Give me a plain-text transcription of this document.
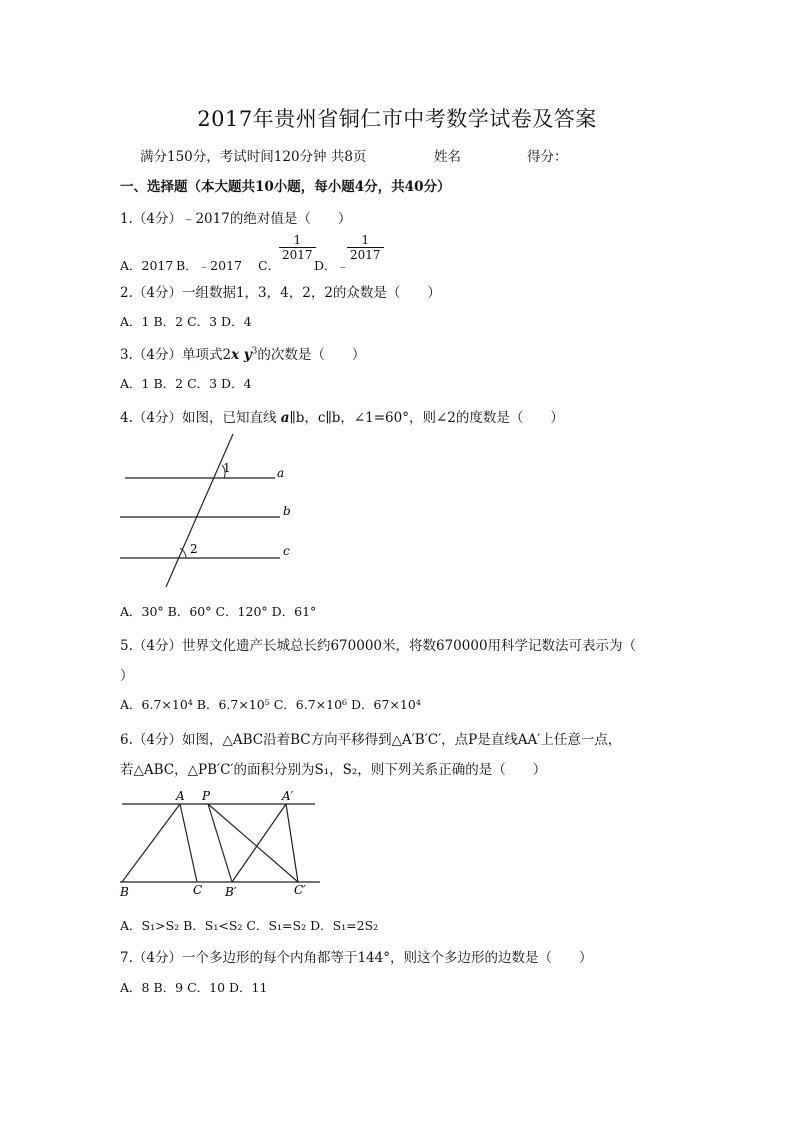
2017年贵州省铜仁市中考数学试卷及答案
满分150分，考试时间120分钟 共8页	姓名	得分：
一、选择题（本大题共10小题，每小题4分，共40分）
1.（4分）﹣2017的绝对值是（　　）
A．2017 B．﹣2017 C．
$\frac{1}{2017}$
D．﹣
$\frac{1}{2017}$
2.（4分）一组数据1，3，4，2，2的众数是（　　）
A．1 B．2 C．3 D．4
3.（4分）单项式2x $y^3$的次数是（　　）
A．1 B．2 C．3 D．4
4.（4分）如图，已知直线 a∥b，c∥b，∠1=60°，则∠2的度数是（　　）
1
2
a
b
c
A．30° B．60° C．120° D．61°
5.（4分）世界文化遗产长城总长约670000米，将数670000用科学记数法可表示为（
）
A．6.7×10⁴ B．6.7×10⁵ C．6.7×10⁶ D．67×10⁴
6.（4分）如图，△ABC沿着BC方向平移得到△A′B′C′，点P是直线AA′上任意一点，
若△ABC，△PB′C′的面积分别为S₁，S₂，则下列关系正确的是（　　）
A P	A′
B	C B′	C′
A．S₁>S₂ B．S₁<S₂ C．S₁=S₂ D．S₁=2S₂
7.（4分）一个多边形的每个内角都等于144°，则这个多边形的边数是（　　）
A．8 B．9 C．10 D．11
